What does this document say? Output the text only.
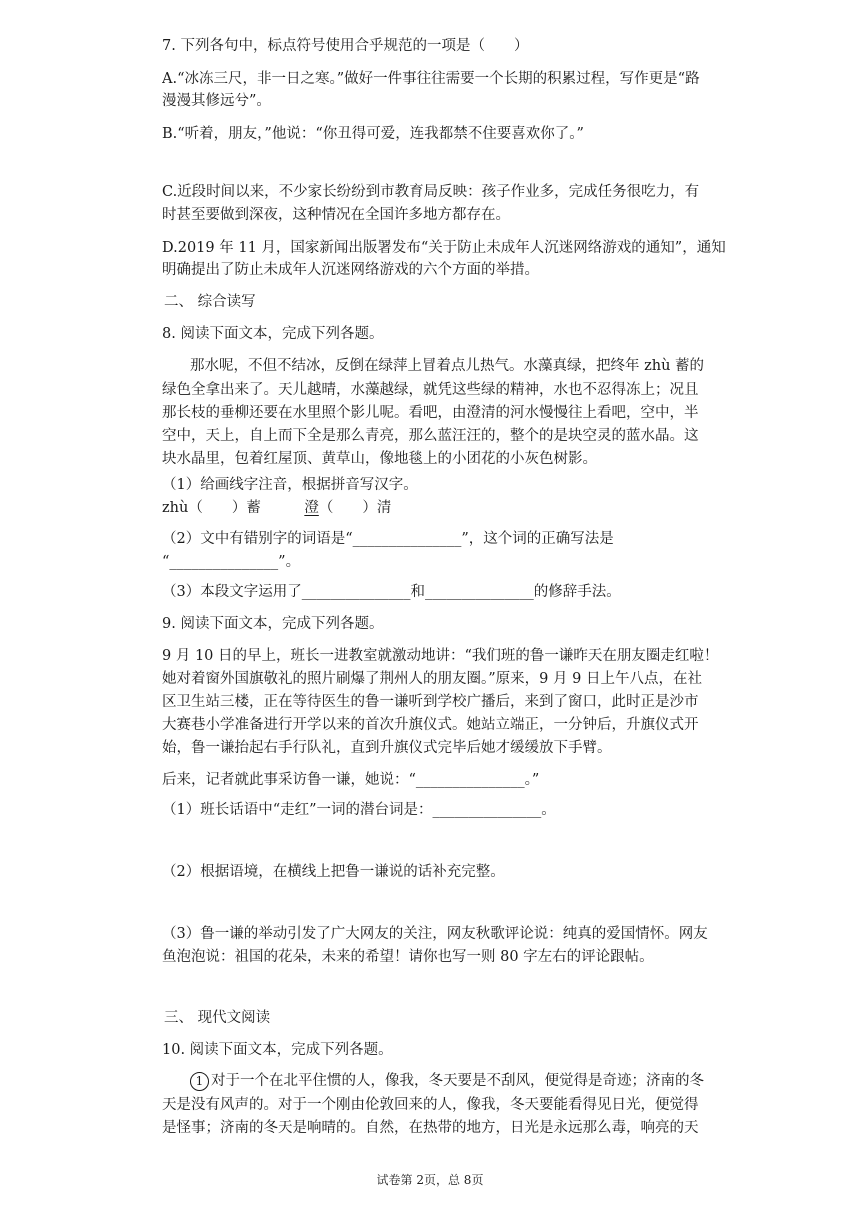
7. 下列各句中，标点符号使用合乎规范的一项是（　　）
A.“冰冻三尺，非一日之寒。”做好一件事往往需要一个长期的积累过程，写作更是“路
漫漫其修远兮”。
B.“听着，朋友，”他说：“你丑得可爱，连我都禁不住要喜欢你了。”
C.近段时间以来，不少家长纷纷到市教育局反映：孩子作业多，完成任务很吃力，有
时甚至要做到深夜，这种情况在全国许多地方都存在。
D.2019 年 11 月，国家新闻出版署发布“关于防止未成年人沉迷网络游戏的通知”，通知
明确提出了防止未成年人沉迷网络游戏的六个方面的举措。
二、 综合读写
8. 阅读下面文本，完成下列各题。
那水呢，不但不结冰，反倒在绿萍上冒着点儿热气。水藻真绿，把终年 zhù 蓄的
绿色全拿出来了。天儿越晴，水藻越绿，就凭这些绿的精神，水也不忍得冻上；况且
那长枝的垂柳还要在水里照个影儿呢。看吧，由澄清的河水慢慢往上看吧，空中，半
空中，天上，自上而下全是那么青亮，那么蓝汪汪的，整个的是块空灵的蓝水晶。这
块水晶里，包着红屋顶、黄草山，像地毯上的小团花的小灰色树影。
（1）给画线字注音，根据拼音写汉字。
zhù（　　）蓄　　　澄（　　）清
（2）文中有错别字的词语是“_______________”，这个词的正确写法是
“_______________”。
（3）本段文字运用了_______________和_______________的修辞手法。
9. 阅读下面文本，完成下列各题。
9 月 10 日的早上，班长一进教室就激动地讲：“我们班的鲁一谦昨天在朋友圈走红啦！
她对着窗外国旗敬礼的照片刷爆了荆州人的朋友圈。”原来，9 月 9 日上午八点，在社
区卫生站三楼，正在等待医生的鲁一谦听到学校广播后，来到了窗口，此时正是沙市
大赛巷小学准备进行开学以来的首次升旗仪式。她站立端正，一分钟后，升旗仪式开
始，鲁一谦抬起右手行队礼，直到升旗仪式完毕后她才缓缓放下手臂。
后来，记者就此事采访鲁一谦，她说：“_______________。”
（1）班长话语中“走红”一词的潜台词是：_______________。
（2）根据语境，在横线上把鲁一谦说的话补充完整。
（3）鲁一谦的举动引发了广大网友的关注，网友秋歌评论说：纯真的爱国情怀。网友
鱼泡泡说：祖国的花朵，未来的希望！请你也写一则 80 字左右的评论跟帖。
三、 现代文阅读
10. 阅读下面文本，完成下列各题。
1 对于一个在北平住惯的人，像我，冬天要是不刮风，便觉得是奇迹；济南的冬
天是没有风声的。对于一个刚由伦敦回来的人，像我，冬天要能看得见日光，便觉得
是怪事；济南的冬天是响晴的。自然，在热带的地方，日光是永远那么毒，响亮的天
试卷第 2页，总 8页
